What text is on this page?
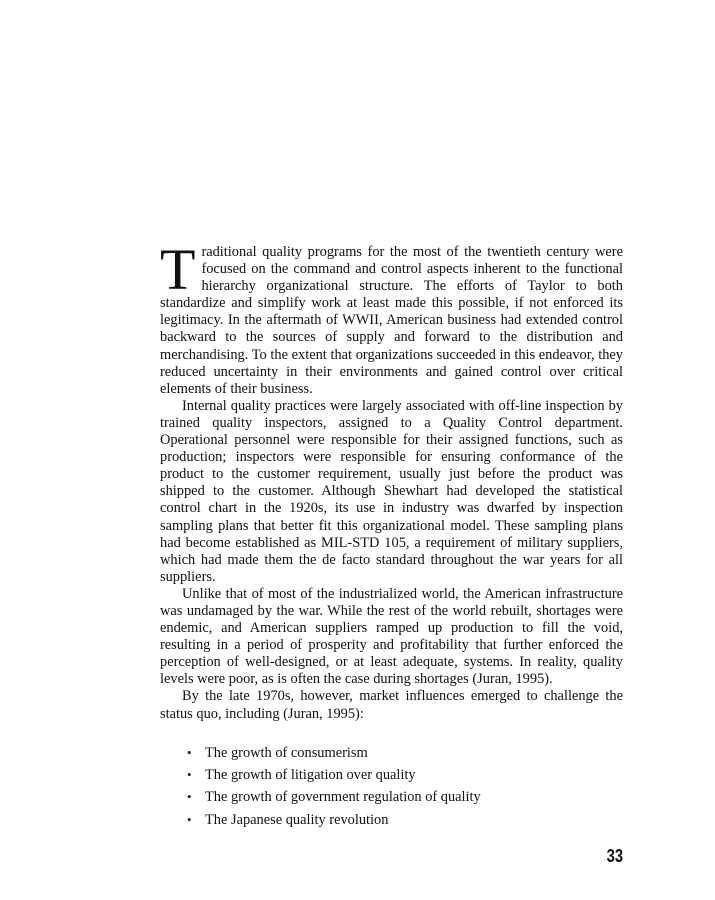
Traditional quality programs for the most of the twentieth century were focused on the command and control aspects inherent to the functional hierarchy organizational structure. The efforts of Taylor to both standardize and simplify work at least made this possible, if not enforced its legitimacy. In the aftermath of WWII, American business had extended control backward to the sources of supply and forward to the distribution and merchandising. To the extent that organizations succeeded in this endeavor, they reduced uncertainty in their environments and gained control over critical elements of their business.

Internal quality practices were largely associated with off-line inspection by trained quality inspectors, assigned to a Quality Control department. Operational personnel were responsible for their assigned functions, such as production; inspectors were responsible for ensuring conformance of the product to the customer requirement, usually just before the product was shipped to the customer. Although Shewhart had developed the statistical control chart in the 1920s, its use in industry was dwarfed by inspection sampling plans that better fit this organizational model. These sampling plans had become established as MIL-STD 105, a requirement of military suppliers, which had made them the de facto standard throughout the war years for all suppliers.

Unlike that of most of the industrialized world, the American infrastructure was undamaged by the war. While the rest of the world rebuilt, shortages were endemic, and American suppliers ramped up production to fill the void, resulting in a period of prosperity and profitability that further enforced the perception of well-designed, or at least adequate, systems. In reality, quality levels were poor, as is often the case during shortages (Juran, 1995).

By the late 1970s, however, market influences emerged to challenge the status quo, including (Juran, 1995):

• The growth of consumerism
• The growth of litigation over quality
• The growth of government regulation of quality
• The Japanese quality revolution
33
